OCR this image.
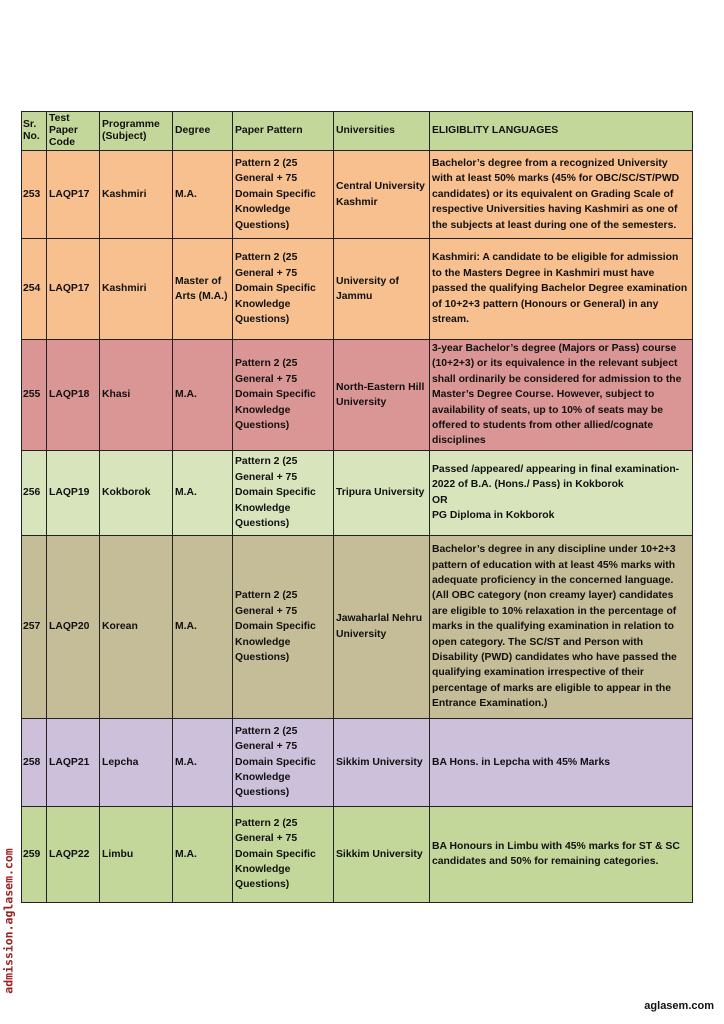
Sr. No.	Test Paper Code	Programme (Subject)	Degree	Paper Pattern	Universities	ELIGIBLITY LANGUAGES
253	LAQP17	Kashmiri	M.A.	Pattern 2 (25 General + 75 Domain Specific Knowledge Questions)	Central University Kashmir	Bachelor’s degree from a recognized University with at least 50% marks (45% for OBC/SC/ST/PWD candidates) or its equivalent on Grading Scale of respective Universities having Kashmiri as one of the subjects at least during one of the semesters.
254	LAQP17	Kashmiri	Master of Arts (M.A.)	Pattern 2 (25 General + 75 Domain Specific Knowledge Questions)	University of Jammu	Kashmiri: A candidate to be eligible for admission to the Masters Degree in Kashmiri must have passed the qualifying Bachelor Degree examination of 10+2+3 pattern (Honours or General) in any stream.
255	LAQP18	Khasi	M.A.	Pattern 2 (25 General + 75 Domain Specific Knowledge Questions)	North-Eastern Hill University	3-year Bachelor’s degree (Majors or Pass) course (10+2+3) or its equivalence in the relevant subject shall ordinarily be considered for admission to the Master’s Degree Course. However, subject to availability of seats, up to 10% of seats may be offered to students from other allied/cognate disciplines
256	LAQP19	Kokborok	M.A.	Pattern 2 (25 General + 75 Domain Specific Knowledge Questions)	Tripura University	Passed /appeared/ appearing in final examination-2022 of B.A. (Hons./ Pass) in Kokborok
OR
PG Diploma in Kokborok
257	LAQP20	Korean	M.A.	Pattern 2 (25 General + 75 Domain Specific Knowledge Questions)	Jawaharlal Nehru University	Bachelor’s degree in any discipline under 10+2+3 pattern of education with at least 45% marks with adequate proficiency in the concerned language. (All OBC category (non creamy layer) candidates are eligible to 10% relaxation in the percentage of marks in the qualifying examination in relation to open category. The SC/ST and Person with Disability (PWD) candidates who have passed the qualifying examination irrespective of their percentage of marks are eligible to appear in the Entrance Examination.)
258	LAQP21	Lepcha	M.A.	Pattern 2 (25 General + 75 Domain Specific Knowledge Questions)	Sikkim University	BA Hons. in Lepcha with 45% Marks
259	LAQP22	Limbu	M.A.	Pattern 2 (25 General + 75 Domain Specific Knowledge Questions)	Sikkim University	BA Honours in Limbu with 45% marks for ST & SC candidates and 50% for remaining categories.
admission.aglasem.com
aglasem.com
